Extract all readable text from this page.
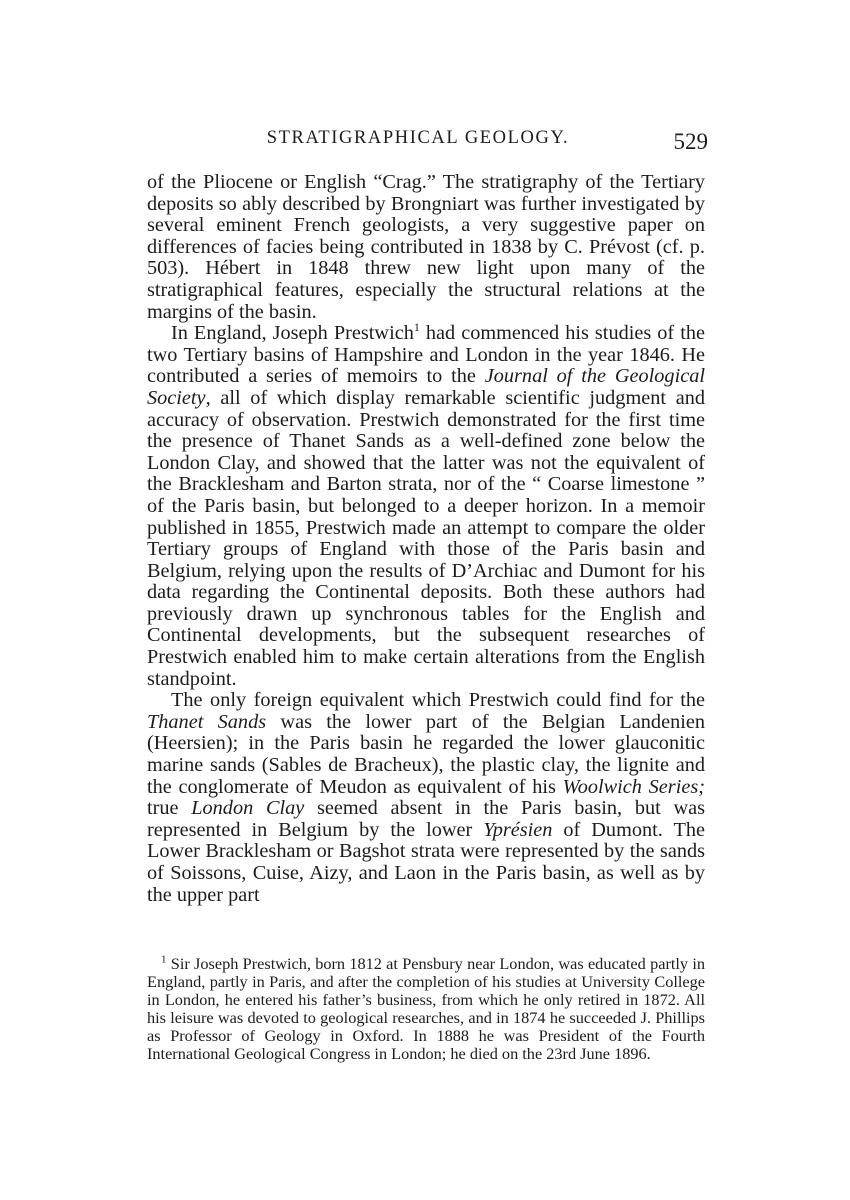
STRATIGRAPHICAL GEOLOGY.	529

of the Pliocene or English “Crag.” The stratigraphy of the Tertiary deposits so ably described by Brongniart was further investigated by several eminent French geologists, a very suggestive paper on differences of facies being contributed in 1838 by C. Prévost (cf. p. 503). Hébert in 1848 threw new light upon many of the stratigraphical features, especially the structural relations at the margins of the basin.

In England, Joseph Prestwich$^1$ had commenced his studies of the two Tertiary basins of Hampshire and London in the year 1846. He contributed a series of memoirs to the Journal of the Geological Society, all of which display remarkable scientific judgment and accuracy of observation. Prestwich demonstrated for the first time the presence of Thanet Sands as a well-defined zone below the London Clay, and showed that the latter was not the equivalent of the Bracklesham and Barton strata, nor of the “ Coarse limestone ” of the Paris basin, but belonged to a deeper horizon. In a memoir published in 1855, Prestwich made an attempt to compare the older Tertiary groups of England with those of the Paris basin and Belgium, relying upon the results of D’Archiac and Dumont for his data regarding the Continental deposits. Both these authors had previously drawn up synchronous tables for the English and Continental developments, but the subsequent researches of Prestwich enabled him to make certain alterations from the English standpoint.

The only foreign equivalent which Prestwich could find for the Thanet Sands was the lower part of the Belgian Landenien (Heersien); in the Paris basin he regarded the lower glauconitic marine sands (Sables de Bracheux), the plastic clay, the lignite and the conglomerate of Meudon as equivalent of his Woolwich Series; true London Clay seemed absent in the Paris basin, but was represented in Belgium by the lower Yprésien of Dumont. The Lower Bracklesham or Bagshot strata were represented by the sands of Soissons, Cuise, Aizy, and Laon in the Paris basin, as well as by the upper part

$^1$ Sir Joseph Prestwich, born 1812 at Pensbury near London, was educated partly in England, partly in Paris, and after the completion of his studies at University College in London, he entered his father’s business, from which he only retired in 1872. All his leisure was devoted to geological researches, and in 1874 he succeeded J. Phillips as Professor of Geology in Oxford. In 1888 he was President of the Fourth International Geological Congress in London; he died on the 23rd June 1896.
